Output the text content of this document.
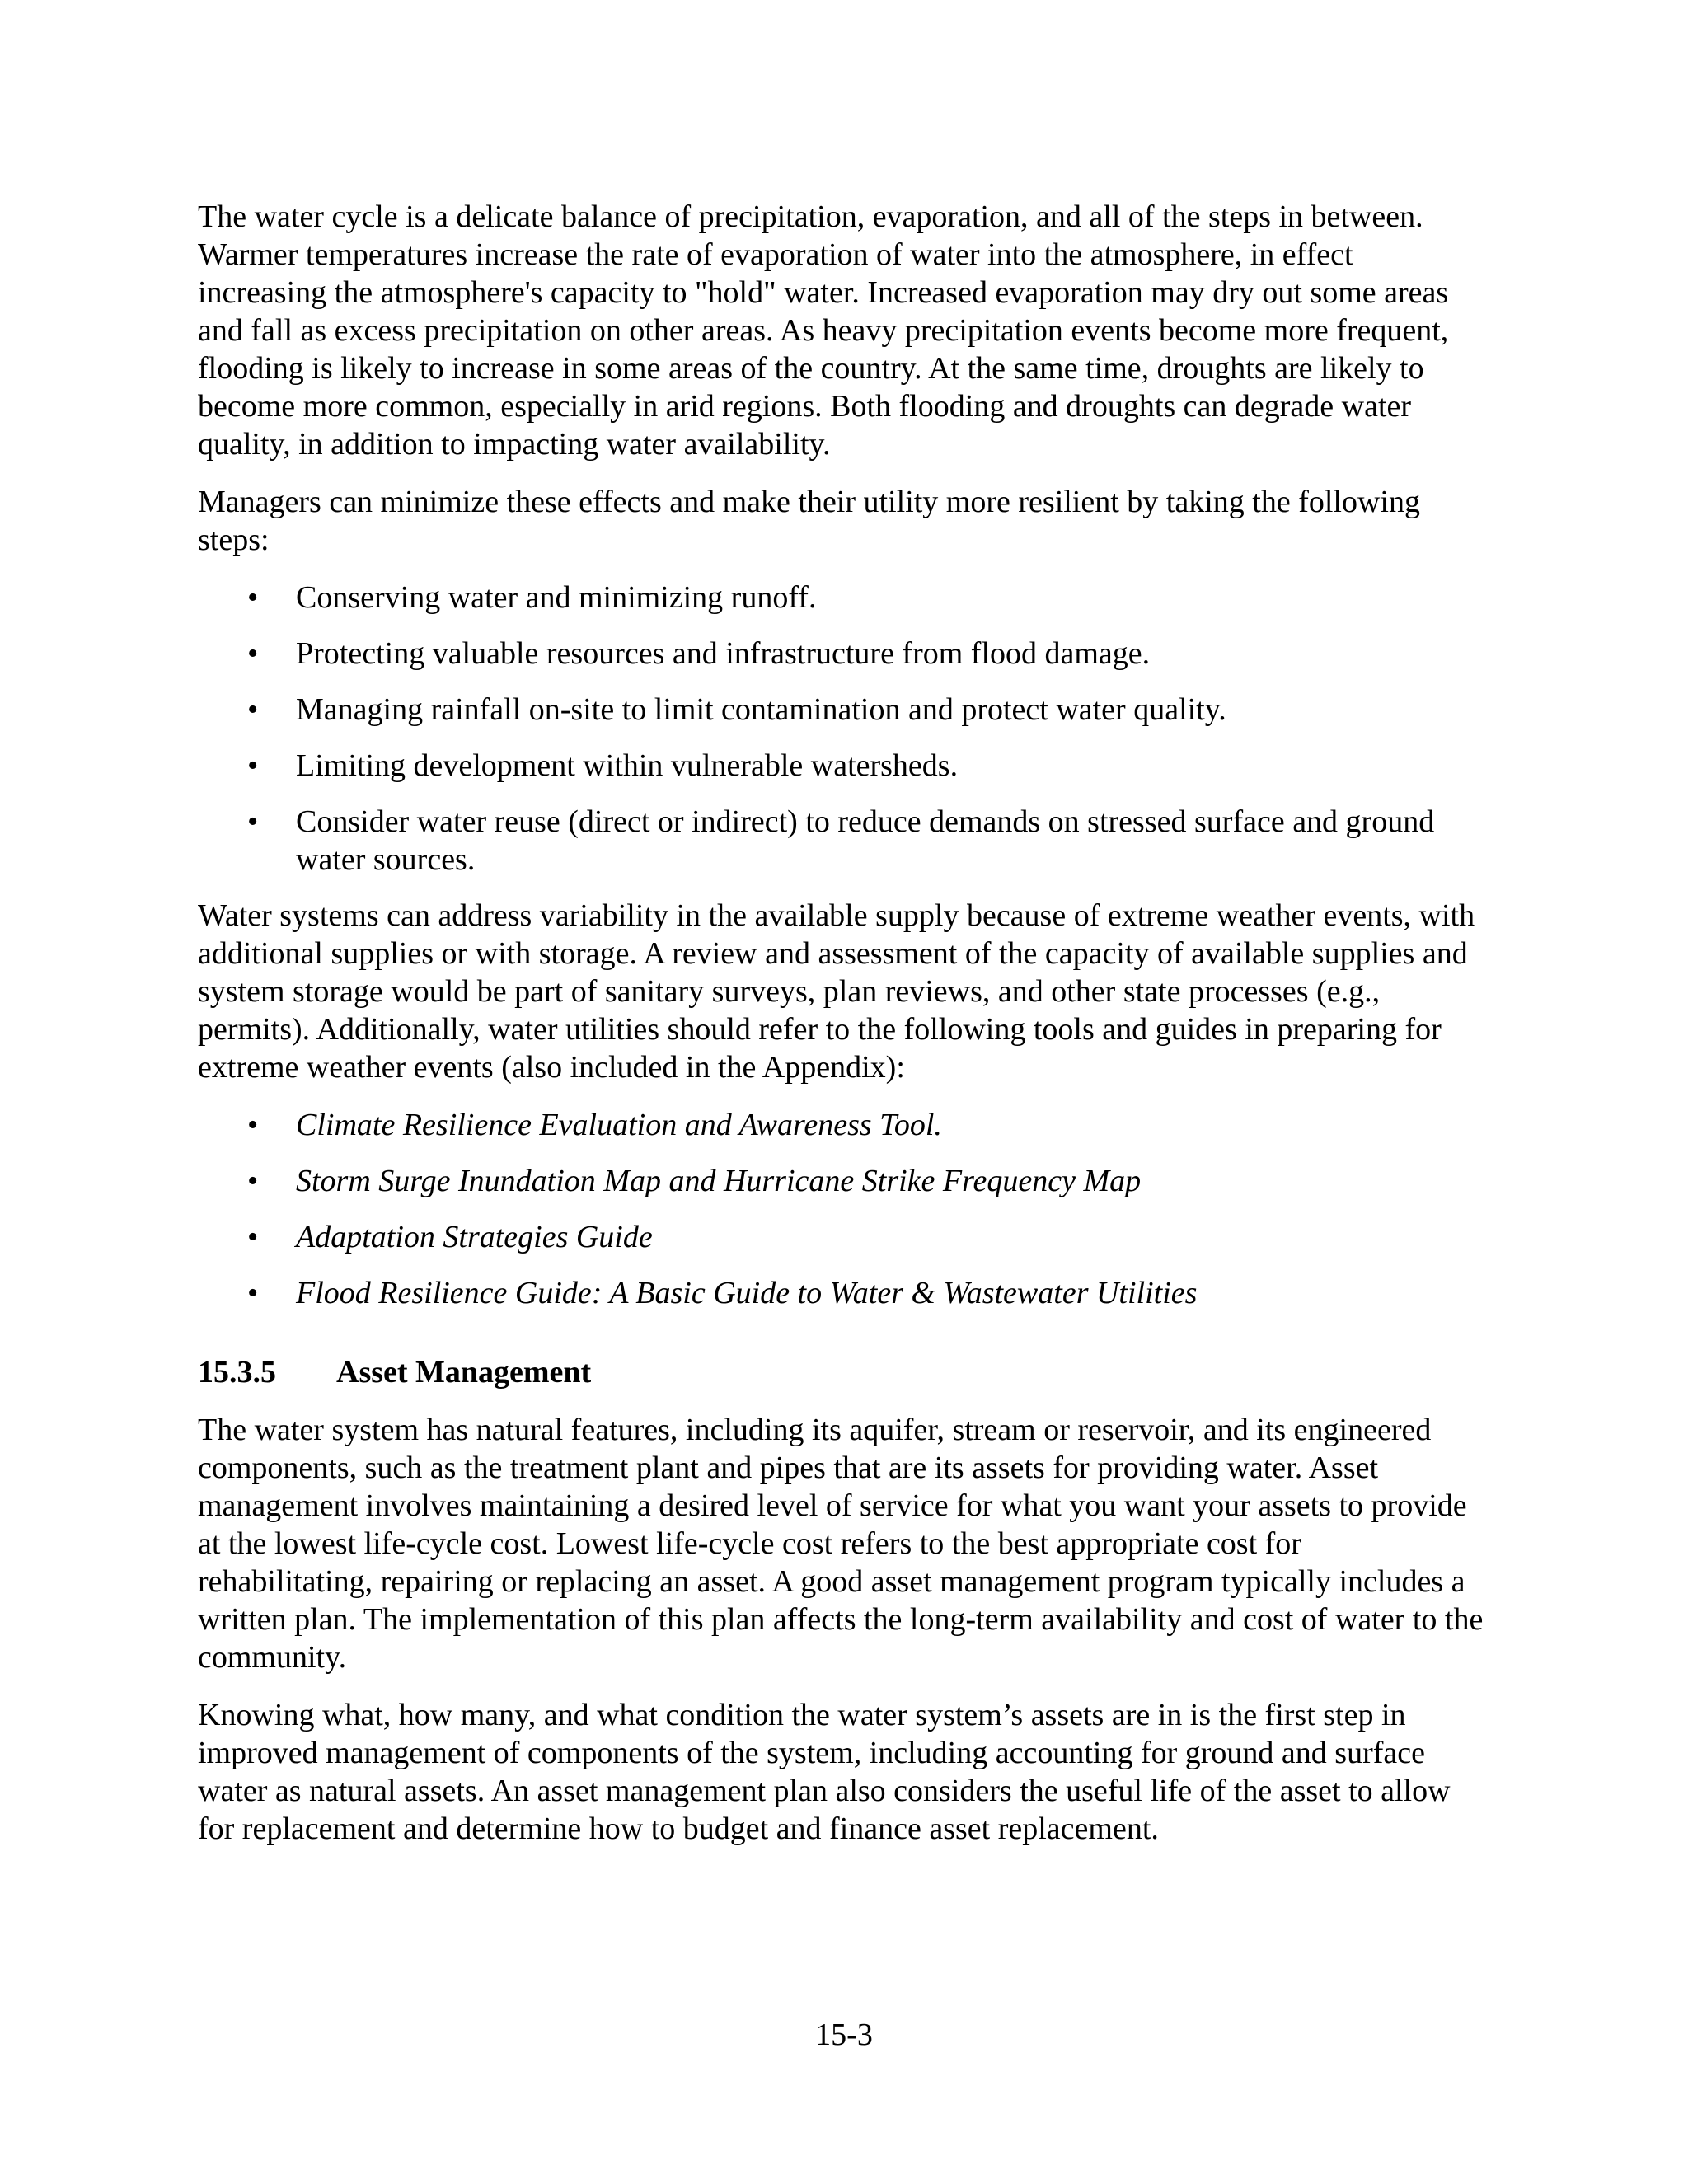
The water cycle is a delicate balance of precipitation, evaporation, and all of the steps in between. Warmer temperatures increase the rate of evaporation of water into the atmosphere, in effect increasing the atmosphere's capacity to "hold" water. Increased evaporation may dry out some areas and fall as excess precipitation on other areas. As heavy precipitation events become more frequent, flooding is likely to increase in some areas of the country. At the same time, droughts are likely to become more common, especially in arid regions. Both flooding and droughts can degrade water quality, in addition to impacting water availability.

Managers can minimize these effects and make their utility more resilient by taking the following steps:

• Conserving water and minimizing runoff.
• Protecting valuable resources and infrastructure from flood damage.
• Managing rainfall on-site to limit contamination and protect water quality.
• Limiting development within vulnerable watersheds.
• Consider water reuse (direct or indirect) to reduce demands on stressed surface and ground water sources.

Water systems can address variability in the available supply because of extreme weather events, with additional supplies or with storage. A review and assessment of the capacity of available supplies and system storage would be part of sanitary surveys, plan reviews, and other state processes (e.g., permits). Additionally, water utilities should refer to the following tools and guides in preparing for extreme weather events (also included in the Appendix):

• Climate Resilience Evaluation and Awareness Tool.
• Storm Surge Inundation Map and Hurricane Strike Frequency Map
• Adaptation Strategies Guide
• Flood Resilience Guide: A Basic Guide to Water & Wastewater Utilities
15.3.5 Asset Management

The water system has natural features, including its aquifer, stream or reservoir, and its engineered components, such as the treatment plant and pipes that are its assets for providing water. Asset management involves maintaining a desired level of service for what you want your assets to provide at the lowest life-cycle cost. Lowest life-cycle cost refers to the best appropriate cost for rehabilitating, repairing or replacing an asset. A good asset management program typically includes a written plan. The implementation of this plan affects the long-term availability and cost of water to the community.

Knowing what, how many, and what condition the water system’s assets are in is the first step in improved management of components of the system, including accounting for ground and surface water as natural assets. An asset management plan also considers the useful life of the asset to allow for replacement and determine how to budget and finance asset replacement.

15-3
